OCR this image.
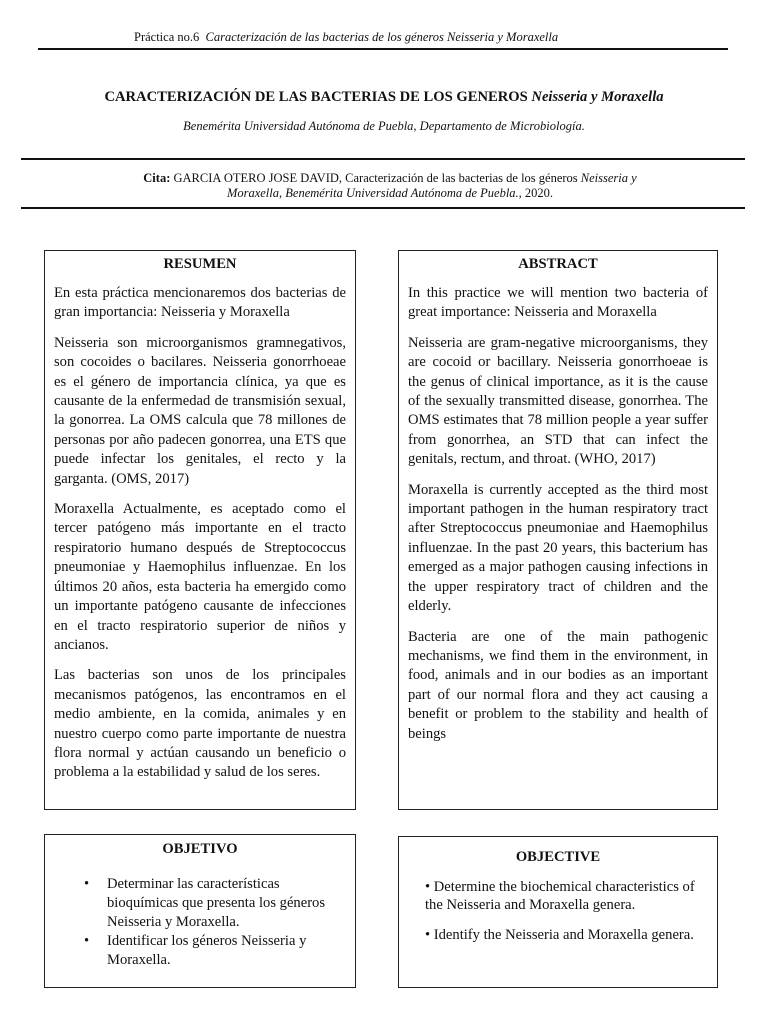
Práctica no.6 Caracterización de las bacterias de los géneros Neisseria y Moraxella
CARACTERIZACIÓN DE LAS BACTERIAS DE LOS GENEROS Neisseria y Moraxella
Benemérita Universidad Autónoma de Puebla, Departamento de Microbiología.
Cita: GARCIA OTERO JOSE DAVID, Caracterización de las bacterias de los géneros Neisseria y
Moraxella, Benemérita Universidad Autónoma de Puebla., 2020.
RESUMEN

En esta práctica mencionaremos dos bacterias de gran importancia: Neisseria y Moraxella

Neisseria son microorganismos gramnegativos, son cocoides o bacilares. Neisseria gonorrhoeae es el género de importancia clínica, ya que es causante de la enfermedad de transmisión sexual, la gonorrea. La OMS calcula que 78 millones de personas por año padecen gonorrea, una ETS que puede infectar los genitales, el recto y la garganta. (OMS, 2017)

Moraxella Actualmente, es aceptado como el tercer patógeno más importante en el tracto respiratorio humano después de Streptococcus pneumoniae y Haemophilus influenzae. En los últimos 20 años, esta bacteria ha emergido como un importante patógeno causante de infecciones en el tracto respiratorio superior de niños y ancianos.

Las bacterias son unos de los principales mecanismos patógenos, las encontramos en el medio ambiente, en la comida, animales y en nuestro cuerpo como parte importante de nuestra flora normal y actúan causando un beneficio o problema a la estabilidad y salud de los seres.

ABSTRACT

In this practice we will mention two bacteria of great importance: Neisseria and Moraxella

Neisseria are gram-negative microorganisms, they are cocoid or bacillary. Neisseria gonorrhoeae is the genus of clinical importance, as it is the cause of the sexually transmitted disease, gonorrhea. The OMS estimates that 78 million people a year suffer from gonorrhea, an STD that can infect the genitals, rectum, and throat. (WHO, 2017)

Moraxella is currently accepted as the third most important pathogen in the human respiratory tract after Streptococcus pneumoniae and Haemophilus influenzae. In the past 20 years, this bacterium has emerged as a major pathogen causing infections in the upper respiratory tract of children and the elderly.

Bacteria are one of the main pathogenic mechanisms, we find them in the environment, in food, animals and in our bodies as an important part of our normal flora and they act causing a benefit or problem to the stability and health of beings

OBJETIVO
• Determinar las características bioquímicas que presenta los géneros Neisseria y Moraxella.
• Identificar los géneros Neisseria y Moraxella.
OBJECTIVE

• Determine the biochemical characteristics of the Neisseria and Moraxella genera.

• Identify the Neisseria and Moraxella genera.
